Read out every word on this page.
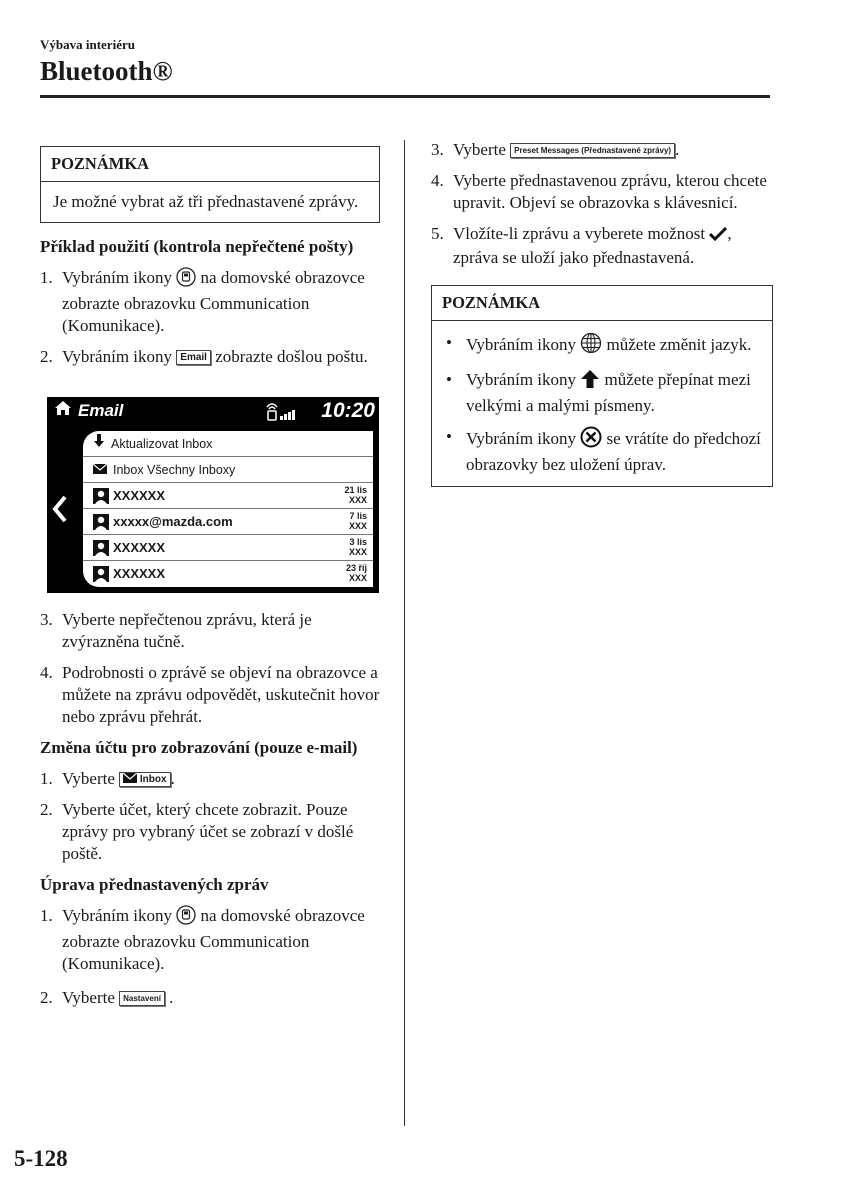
Výbava interiéru
Bluetooth®
POZNÁMKA
Je možné vybrat až tři přednastavené zprávy.

Příklad použití (kontrola nepřečtené pošty)

1. Vybráním ikony na domovské obrazovce zobrazte obrazovku Communication (Komunikace).
2. Vybráním ikony Email zobrazte došlou poštu.
Email	10:20
Aktualizovat Inbox
Inbox Všechny Inboxy
XXXXXX	21 lis
XXX
xxxxx@mazda.com	7 lis
XXX
XXXXXX	3 lis
XXX
XXXXXX	23 říj
XXX
3. Vyberte nepřečtenou zprávu, která je zvýrazněna tučně.
4. Podrobnosti o zprávě se objeví na obrazovce a můžete na zprávu odpovědět, uskutečnit hovor nebo zprávu přehrát.

Změna účtu pro zobrazování (pouze e-mail)

1. Vyberte	Inbox .
2. Vyberte účet, který chcete zobrazit. Pouze zprávy pro vybraný účet se zobrazí v došlé poště.

Úprava přednastavených zpráv

1. Vybráním ikony na domovské obrazovce zobrazte obrazovku Communication (Komunikace).
2. Vyberte Nastavení .
3. Vyberte Preset Messages (Přednastavené zprávy) .
4. Vyberte přednastavenou zprávu, kterou chcete upravit. Objeví se obrazovka s klávesnicí.
5. Vložíte-li zprávu a vyberete možnost , zpráva se uloží jako přednastavená.
POZNÁMKA
• Vybráním ikony můžete změnit jazyk.
• Vybráním ikony můžete přepínat mezi velkými a malými písmeny.
• Vybráním ikony se vrátíte do předchozí obrazovky bez uložení úprav.
5-128
